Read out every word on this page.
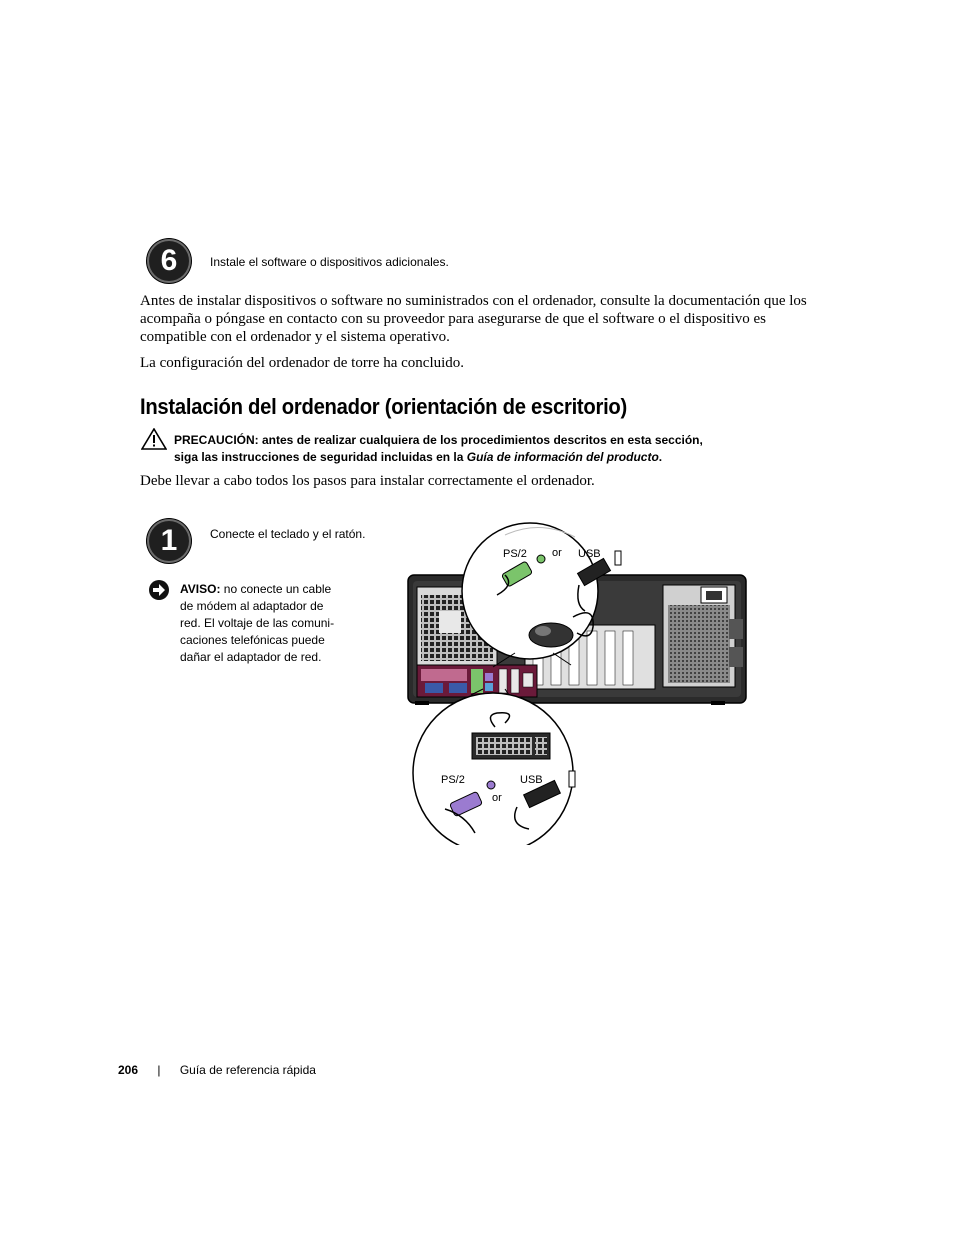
6	Instale el software o dispositivos adicionales.
Antes de instalar dispositivos o software no suministrados con el ordenador, consulte la documentación que los acompaña o póngase en contacto con su proveedor para asegurarse de que el software o el dispositivo es compatible con el ordenador y el sistema operativo.
La configuración del ordenador de torre ha concluido.
Instalación del ordenador (orientación de escritorio)
PRECAUCIÓN: antes de realizar cualquiera de los procedimientos descritos en esta sección,
siga las instrucciones de seguridad incluidas en la Guía de información del producto.
Debe llevar a cabo todos los pasos para instalar correctamente el ordenador.
1	Conecte el teclado y el ratón.
AVISO: no conecte un cable
de módem al adaptador de
red. El voltaje de las comuni-
caciones telefónicas puede
dañar el adaptador de red.
PS/2 or USB
PS/2
or
USB
206 | Guía de referencia rápida
